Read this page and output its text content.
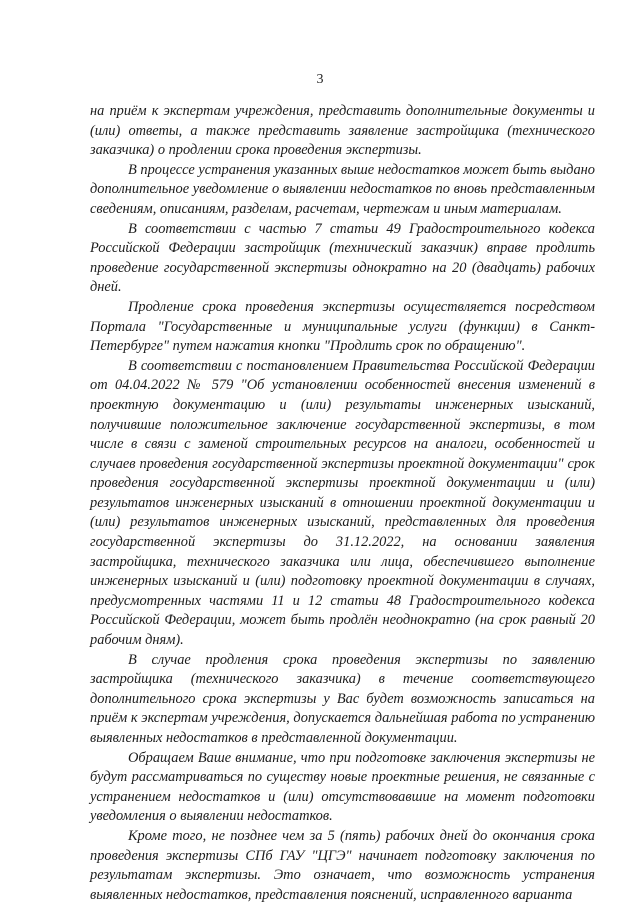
3

на приём к экспертам учреждения, представить дополнительные документы и (или) ответы, а также представить заявление застройщика (технического заказчика) о продлении срока проведения экспертизы.

В процессе устранения указанных выше недостатков может быть выдано дополнительное уведомление о выявлении недостатков по вновь представленным сведениям, описаниям, разделам, расчетам, чертежам и иным материалам.

В соответствии с частью 7 статьи 49 Градостроительного кодекса Российской Федерации застройщик (технический заказчик) вправе продлить проведение государственной экспертизы однократно на 20 (двадцать) рабочих дней.

Продление срока проведения экспертизы осуществляется посредством Портала "Государственные и муниципальные услуги (функции) в Санкт-Петербурге" путем нажатия кнопки "Продлить срок по обращению".

В соответствии с постановлением Правительства Российской Федерации от 04.04.2022 № 579 "Об установлении особенностей внесения изменений в проектную документацию и (или) результаты инженерных изысканий, получившие положительное заключение государственной экспертизы, в том числе в связи с заменой строительных ресурсов на аналоги, особенностей и случаев проведения государственной экспертизы проектной документации" срок проведения государственной экспертизы проектной документации и (или) результатов инженерных изысканий в отношении проектной документации и (или) результатов инженерных изысканий, представленных для проведения государственной экспертизы до 31.12.2022, на основании заявления застройщика, технического заказчика или лица, обеспечившего выполнение инженерных изысканий и (или) подготовку проектной документации в случаях, предусмотренных частями 11 и 12 статьи 48 Градостроительного кодекса Российской Федерации, может быть продлён неоднократно (на срок равный 20 рабочим дням).

В случае продления срока проведения экспертизы по заявлению застройщика (технического заказчика) в течение соответствующего дополнительного срока экспертизы у Вас будет возможность записаться на приём к экспертам учреждения, допускается дальнейшая работа по устранению выявленных недостатков в представленной документации.

Обращаем Ваше внимание, что при подготовке заключения экспертизы не будут рассматриваться по существу новые проектные решения, не связанные с устранением недостатков и (или) отсутствовавшие на момент подготовки уведомления о выявлении недостатков.

Кроме того, не позднее чем за 5 (пять) рабочих дней до окончания срока проведения экспертизы СПб ГАУ "ЦГЭ" начинает подготовку заключения по результатам экспертизы. Это означает, что возможность устранения выявленных недостатков, представления пояснений, исправленного варианта
